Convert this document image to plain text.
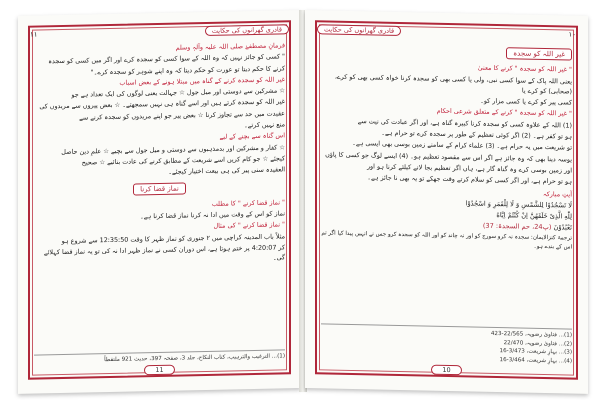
قادری گھرانوں کی حکایت
١١

فرمانِ مصطفےٰ صلی اللہ علیہ وآلہٖ وسلم

" کسی کو جائز نہیں کہ وہ اللہ کے سوا کسی کو سجدہ کرے اور اگر میں کسی کو سجدہ

کرنے کا حکم دیتا تو عورت کو حکم دیتا کہ وہ اپنے شوہر کو سجدہ کرے۔"

غیر اللہ کو سجدہ کرنے کے گناہ میں مبتلا ہونے کے بعض اسباب

☆ مشرکین سے دوستی اور میل جول ☆ جہالت یعنی لوگوں کی ایک تعداد ہے جو

غیر اللہ کو سجدہ کرتے ہیں اور اسے گناہ ہی نہیں سمجھتے۔ ☆ بعض پیروں سے مریدوں کی

عقیدت میں حد سے تجاوز کرنا ☆ بعض پیر جو اپنے مریدوں کو سجدہ کرنے سے

منع نہیں کرتے۔

اس گناہ سے بچنے کے لیے

☆ کفار و مشرکین اور بدمذہبوں سے دوستی و میل جول سے بچیے ☆ علمِ دین حاصل

کیجئے ☆ جو کام کریں اسے شریعت کے مطابق کرنے کی عادت بنائیے ☆ صحیح

العقیدہ سنی پیر کی ہی بیعت اختیار کیجئے۔

نماز قضا کرنا

" نماز قضا کرنے " کا مطلب

نماز کو اس کے وقت میں ادا نہ کرنا نماز قضا کرنا ہے۔

" نماز قضا کرنے " کی مثال

مثلاً باب المدینہ کراچی میں ۲ جنوری کو نماز ظہر کا وقت 12:35:50 سے شروع ہو

کر 4:20:07 پر ختم ہوتا ہے، اس دوران کسی نے نماز ظہر ادا نہ کی تو یہ نماز قضا کہلائے گی۔

(1)... الترغیب والترہیب، کتاب النکاح، جلد 3، صفحہ 397، حدیث 921 ملتقطاً
11
١٠
قادری گھرانوں کی حکایت

غیر اللہ کو سجدہ

" غیر اللہ کو سجدہ " کرنے کا معنیٰ

یعنی اللہ پاک کے سوا کسی نبی، ولی یا کسی بھی کو سجدہ کرنا خواہ کسی بھی کو کرے، (صحابی) کو کرے یا

کسی پیر کو کرے یا کسی مزار کو۔

" غیر اللہ کو سجدہ " کرنے کے متعلق شرعی احکام

(1) اللہ کے علاوہ کسی کو سجدہ کرنا کبیرہ گناہ ہے، اور اگر عبادت کی نیت سے

ہو تو کفر ہے۔ (2) اگر کوئی تعظیم کے طور پر سجدہ کرے تو حرام ہے۔

تو شریعت میں یہ حرام ہے۔ (3) علماء کرام کے سامنے زمین بوسی بھی ایسی ہے۔

یوسہ دینا بھی کہ وہ جائز ہے اگر اس سے مقصود تعظیم ہو۔ (4) ایسے لوگ جو کسی کا پاؤں

اور زمین بوسی کرے وہ گناہ گار ہے، ہاں اگر تعظیم بجا لانے کیلئے کرنا ہو اور

ہو تو حرام ہے، اور اگر کسی کو سلام کرتے وقت جھکے تو یہ بھی نا جائز ہے۔

آیتِ مبارکہ

لَا تَسْجُدُوْا لِلشَّمْسِ وَ لَا لِلْقَمَرِ وَ اسْجُدُوْا

لِلّٰهِ الَّذِیْ خَلَقَهُنَّ اِنْ كُنْتُمْ اِیَّاهُ

تَعْبُدُوْنَ (پ24، حم السجدۃ: 37)

ترجمۂ کنزالایمان: سجدہ نہ کرو سورج کو اور نہ چاند کو اور اللہ کو سجدہ کرو جس نے انہیں پیدا کیا اگر تم اس کے بندے ہو۔

(1)... فتاویٰ رضویہ، 22/565-423
(2)... فتاویٰ رضویہ، 22/470
(3)... بہارِ شریعت، 3/473-16
(4)... بہارِ شریعت، 3/464-16
10
